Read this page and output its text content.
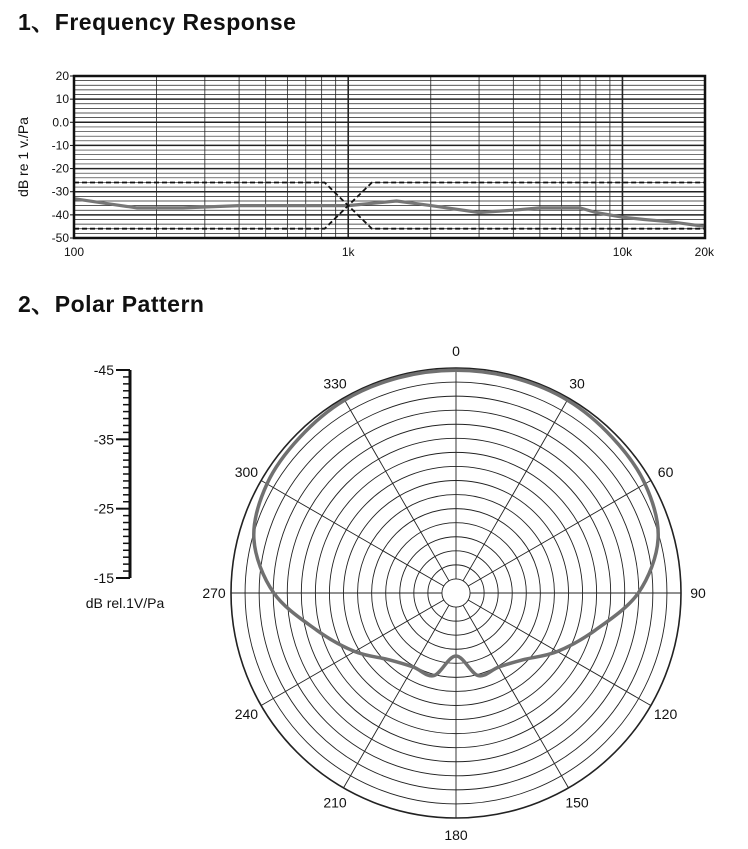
1、Frequency Response
2、Polar Pattern
20
10
0.0
-10
-20
-30
-40
-50
100	1k	10k	20k
dB re 1 v./Pa
0
30
60
90
120
150
180
210
240
270
300
330
-45
-35
-25
-15
dB rel.1V/Pa
